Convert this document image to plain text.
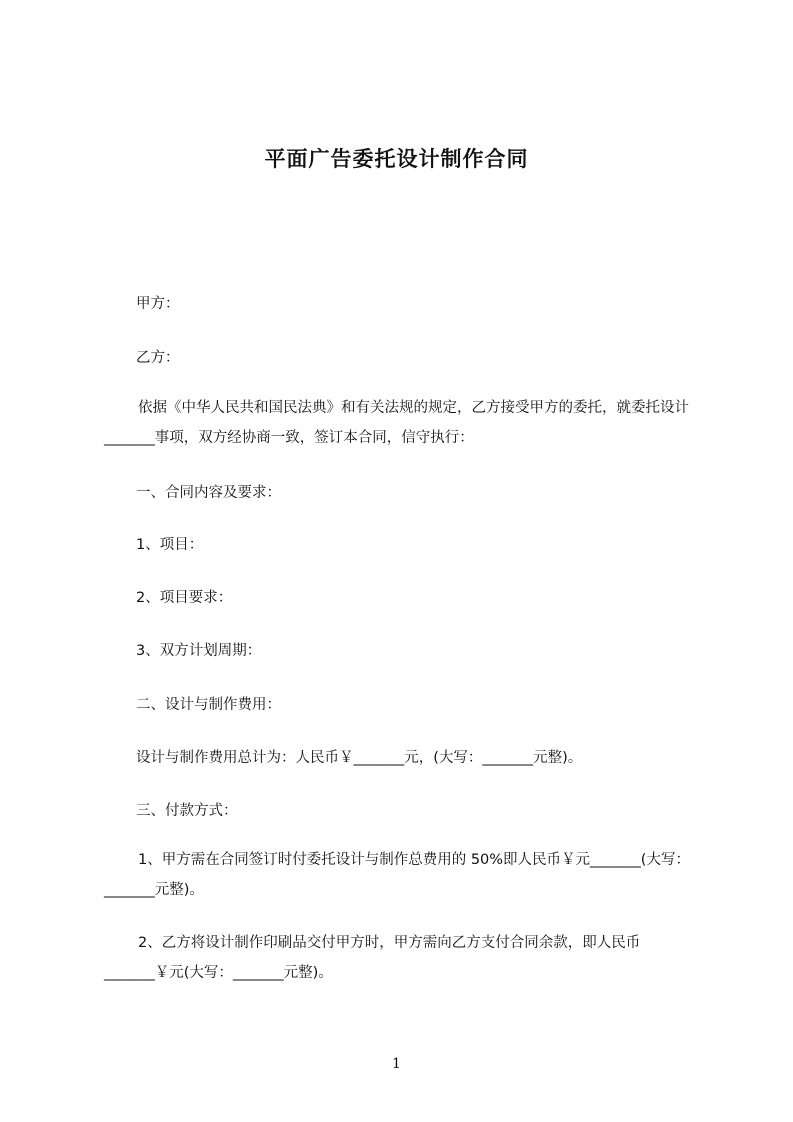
平面广告委托设计制作合同
甲方：
乙方：
依据《中华人民共和国民法典》和有关法规的规定，乙方接受甲方的委托，就委托设计_______事项，双方经协商一致，签订本合同，信守执行：
一、合同内容及要求：
1、项目：
2、项目要求：
3、双方计划周期：
二、设计与制作费用：
设计与制作费用总计为：人民币￥_______元，(大写：_______元整)。
三、付款方式：
1、甲方需在合同签订时付委托设计与制作总费用的 50%即人民币￥元_______(大写：_______元整)。
2、乙方将设计制作印刷品交付甲方时，甲方需向乙方支付合同余款，即人民币_______￥元(大写：_______元整)。
1
